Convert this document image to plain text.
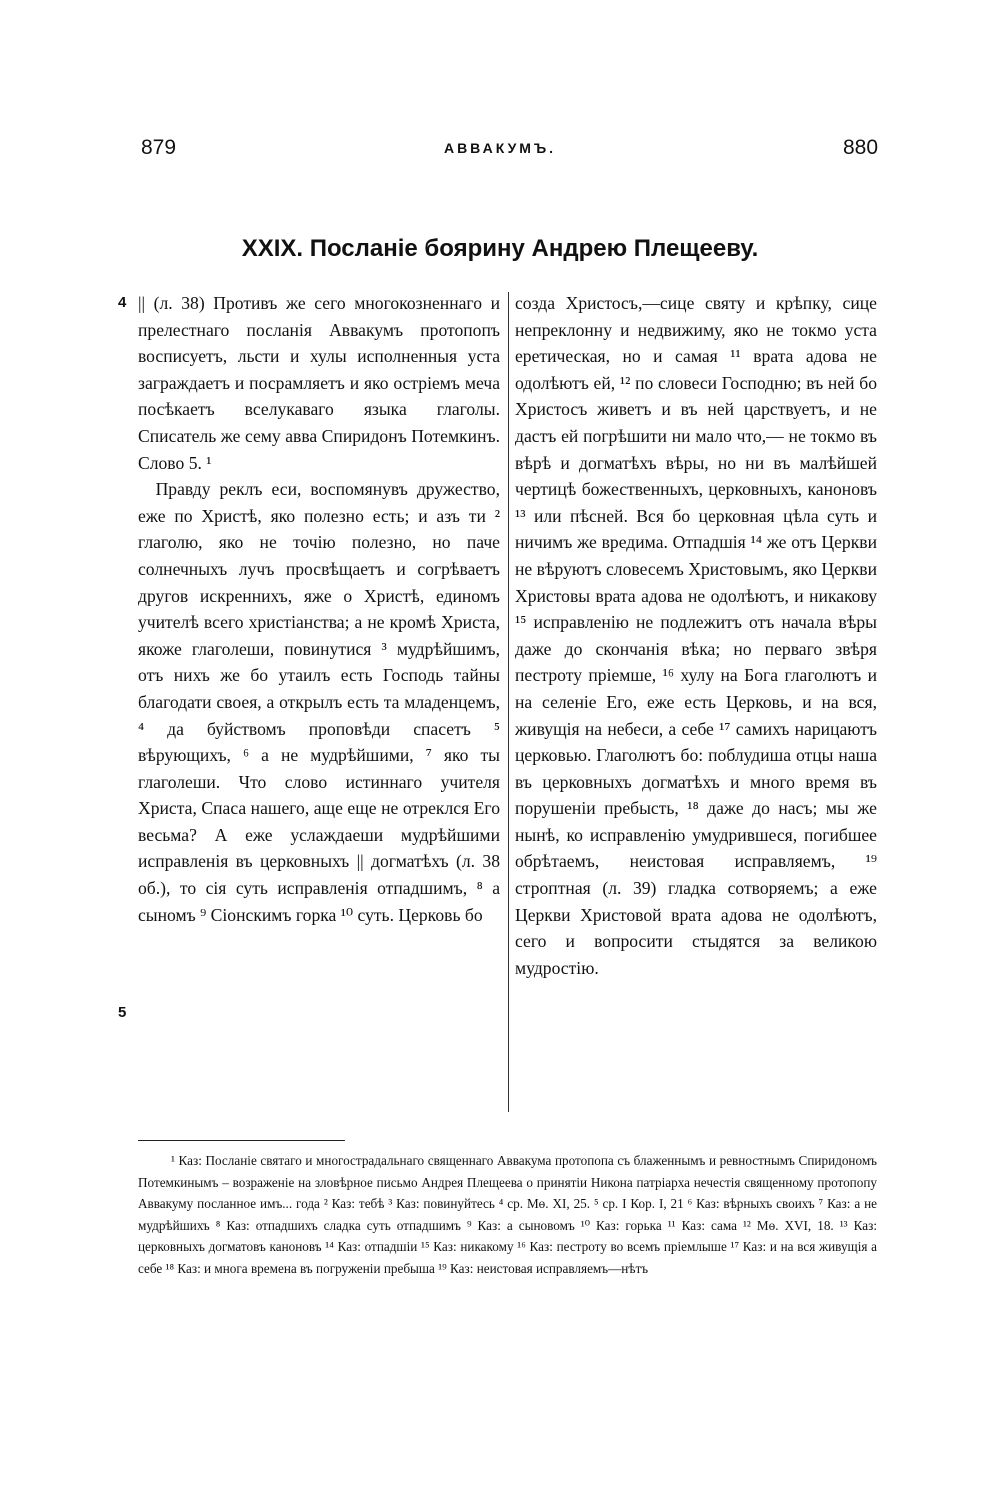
879	АВВАКУМЪ.	880
XXIX. Посланіе боярину Андрею Плещееву.
4
5

|| (л. 38) Противъ же сего многокозненнаго и прелестнаго посланія Аввакумъ протопопъ восписуетъ, льсти и хулы исполненныя уста заграждаетъ и посрамляетъ и яко остріемъ меча посѣкаетъ вселукаваго языка глаголы. Списатель же сему авва Спиридонъ Потемкинъ. Слово 5. ¹

Правду реклъ еси, воспомянувъ дружество, еже по Христѣ, яко полезно есть; и азъ ти ² глаголю, яко не точію полезно, но паче солнечныхъ лучъ просвѣщаетъ и согрѣваетъ другов искреннихъ, яже о Христѣ, единомъ учителѣ всего христіанства; а не кромѣ Христа, якоже глаголеши, повинутися ³ мудрѣйшимъ, отъ нихъ же бо утаилъ есть Господь тайны благодати своея, а открылъ есть та младенцемъ, ⁴ да буйствомъ проповѣди спасетъ ⁵ вѣрующихъ, ⁶ а не мудрѣйшими, ⁷ яко ты глаголеши. Что слово истиннаго учителя Христа, Спаса нашего, аще еще не отреклся Его весьма? А еже услаждаеши мудрѣйшими исправленія въ церковныхъ || догматѣхъ (л. 38 об.), то сія суть исправленія отпадшимъ, ⁸ а сыномъ ⁹ Сіонскимъ горка ¹⁰ суть. Церковь бо

созда Христосъ,—сице святу и крѣпку, сице непреклонну и недвижиму, яко не токмо уста еретическая, но и самая ¹¹ врата адова не одолѣютъ ей, ¹² по словеси Господню; въ ней бо Христосъ живетъ и въ ней царствуетъ, и не дастъ ей погрѣшити ни мало что,— не токмо въ вѣрѣ и догматѣхъ вѣры, но ни въ малѣйшей чертицѣ божественныхъ, церковныхъ, каноновъ ¹³ или пѣсней. Вся бо церковная цѣла суть и ничимъ же вредима. Отпадшія ¹⁴ же отъ Церкви не вѣруютъ словесемъ Христовымъ, яко Церкви Христовы врата адова не одолѣютъ, и никакову ¹⁵ исправленію не подлежитъ отъ начала вѣры даже до скончанія вѣка; но перваго звѣря пестроту пріемше, ¹⁶ хулу на Бога глаголютъ и на селеніе Его, еже есть Церковь, и на вся, живущія на небеси, а себе ¹⁷ самихъ нарицаютъ церковью. Глаголютъ бо: поблудиша отцы наша въ церковныхъ догматѣхъ и много время въ порушеніи пребысть, ¹⁸ даже до насъ; мы же нынѣ, ко исправленію умудрившеся, погибшее обрѣтаемъ, неистовая исправляемъ, ¹⁹ строптная (л. 39) гладка сотворяемъ; а еже Церкви Христовой врата адова не одолѣютъ, сего и вопросити стыдятся за великою мудростію.

¹ Каз: Посланіе святаго и многострадальнаго священнаго Аввакума протопопа съ блаженнымъ и ревностнымъ Спиридономъ Потемкинымъ – возраженіе на зловѣрное письмо Андрея Плещеева о принятіи Никона патріарха нечестія священному протопопу Аввакуму посланное имъ... года ² Каз: тебѣ ³ Каз: повинуйтесь ⁴ ср. Мѳ. XI, 25. ⁵ ср. I Кор. I, 21 ⁶ Каз: вѣрныхъ своихъ ⁷ Каз: а не мудрѣйшихъ ⁸ Каз: отпадшихъ сладка суть отпадшимъ ⁹ Каз: а сыновомъ ¹⁰ Каз: горька ¹¹ Каз: сама ¹² Мѳ. XVI, 18. ¹³ Каз: церковныхъ догматовъ каноновъ ¹⁴ Каз: отпадшіи ¹⁵ Каз: никакому ¹⁶ Каз: пестроту во всемъ пріемлыше ¹⁷ Каз: и на вся живущія а себе ¹⁸ Каз: и многа времена въ погруженіи пребыша ¹⁹ Каз: неистовая исправляемъ—нѣтъ
